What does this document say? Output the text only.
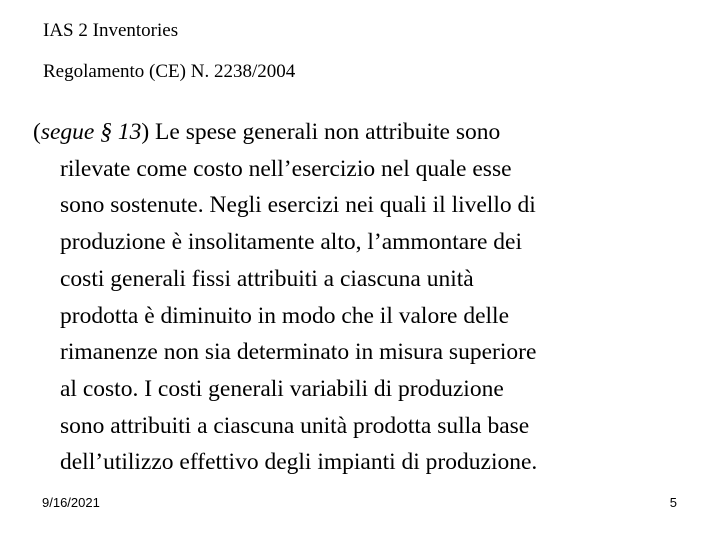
IAS 2 Inventories
Regolamento (CE) N. 2238/2004
(segue § 13) Le spese generali non attribuite sono
rilevate come costo nell’esercizio nel quale esse
sono sostenute. Negli esercizi nei quali il livello di
produzione è insolitamente alto, l’ammontare dei
costi generali fissi attribuiti a ciascuna unità
prodotta è diminuito in modo che il valore delle
rimanenze non sia determinato in misura superiore
al costo. I costi generali variabili di produzione
sono attribuiti a ciascuna unità prodotta sulla base
dell’utilizzo effettivo degli impianti di produzione.
9/16/2021	5
